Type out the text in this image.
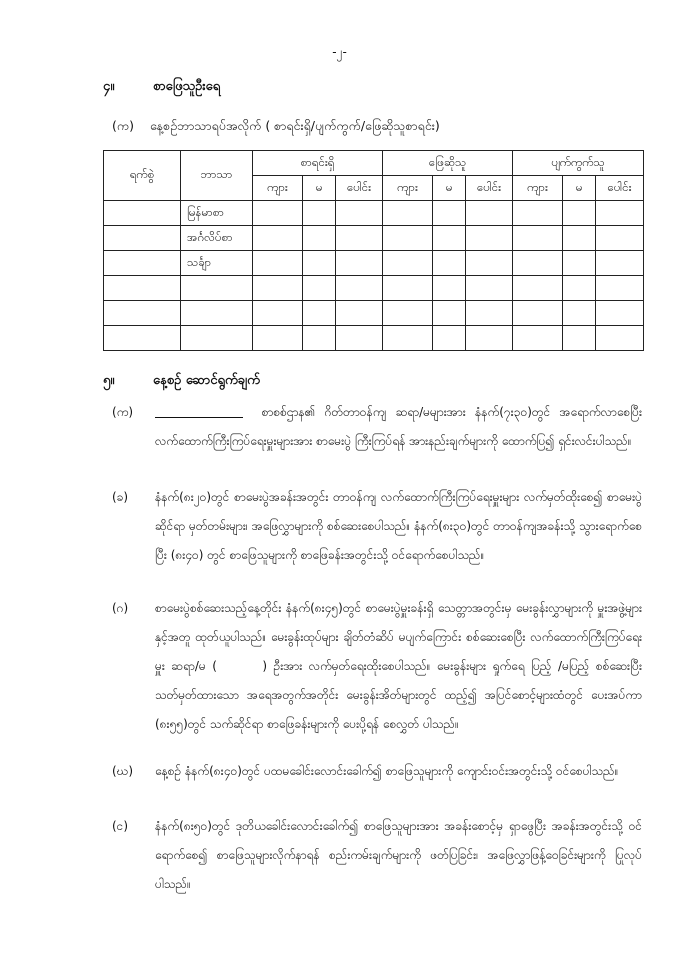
-၂-
၄။	စာဖြေသူဦးရေ
(က) နေ့စဉ်ဘာသာရပ်အလိုက် ( စာရင်းရှိ/ပျက်ကွက်/ဖြေဆိုသူစာရင်း)
ရက်စွဲ	ဘာသာ	စာရင်းရှိ			ဖြေဆိုသူ			ပျက်ကွက်သူ		
		ကျား	မ	ပေါင်း	ကျား	မ	ပေါင်း	ကျား	မ	ပေါင်း
	မြန်မာစာ									
	အင်္ဂလိပ်စာ									
	သင်္ချာ									

၅။	နေ့စဉ် ဆောင်ရွက်ချက်
(က)	စာစစ်ဌာန၏ ဂိတ်တာဝန်ကျ ဆရာ/မများအား နံနက်(၇း၃၀)တွင် အရောက်လာစေပြီး လက်ထောက်ကြီးကြပ်ရေးမှူးများအား စာမေးပွဲ ကြီးကြပ်ရန် အားနည်းချက်များကို ထောက်ပြ၍ ရှင်းလင်းပါသည်။
(ခ)	နံနက်(၈း၂၀)တွင် စာမေးပွဲအခန်းအတွင်း တာဝန်ကျ လက်ထောက်ကြီးကြပ်ရေးမှူးများ လက်မှတ်ထိုးစေ၍ စာမေးပွဲဆိုင်ရာ မှတ်တမ်းများ၊ အဖြေလွှာများကို စစ်ဆေးစေပါသည်။ နံနက်(၈း၃၀)တွင် တာဝန်ကျအခန်းသို့ သွားရောက်စေပြီး (၈း၄၀) တွင် စာဖြေသူများကို စာဖြေခန်းအတွင်းသို့ ဝင်ရောက်စေပါသည်။
(ဂ)	စာမေးပွဲစစ်ဆေးသည့်နေ့တိုင်း နံနက်(၈း၄၅)တွင် စာမေးပွဲမှူးခန်းရှိ သေတ္တာအတွင်းမှ မေးခွန်းလွှာများကို မှူးအဖွဲ့များနှင့်အတူ ထုတ်ယူပါသည်။ မေးခွန်းထုပ်များ ချိတ်တံဆိပ် မပျက်ကြောင်း စစ်ဆေးစေပြီး လက်ထောက်ကြီးကြပ်ရေးမှူး ဆရာ/မ (	) ဦးအား လက်မှတ်ရေးထိုးစေပါသည်။ မေးခွန်းများ ရှုက်ရေ ပြည့် /မပြည့် စစ်ဆေးပြီး သတ်မှတ်ထားသော အရေအတွက်အတိုင်း မေးခွန်းအိတ်များတွင် ထည့်၍ အပြင်စောင့်များထံတွင် ပေးအပ်ကာ (၈း၅၅)တွင် သက်ဆိုင်ရာ စာဖြေခန်းများကို ပေးပို့ရန် စေလွှတ် ပါသည်။
(ဃ)	နေ့စဉ် နံနက်(၈း၄၀)တွင် ပထမခေါင်းလောင်းခေါက်၍ စာဖြေသူများကို ကျောင်းဝင်းအတွင်းသို့ ဝင်စေပါသည်။
(င)	နံနက်(၈း၅၀)တွင် ဒုတိယခေါင်းလောင်းခေါက်၍ စာဖြေသူများအား အခန်းစောင့်မှ ရှာဖွေပြီး အခန်းအတွင်းသို့ ဝင်ရောက်စေ၍ စာဖြေသူများလိုက်နာရန် စည်းကမ်းချက်များကို ဖတ်ပြခြင်း၊ အဖြေလွှာဖြန့်ဝေခြင်းများကို ပြုလုပ်ပါသည်။
